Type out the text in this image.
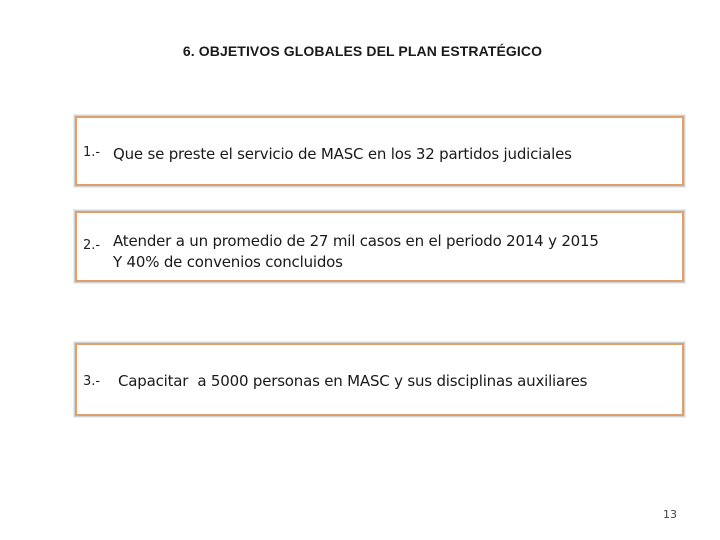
6. OBJETIVOS GLOBALES DEL PLAN ESTRATÉGICO
1.- Que se preste el servicio de MASC en los 32 partidos judiciales
2.- Atender a un promedio de 27 mil casos en el periodo 2014 y 2015
Y 40% de convenios concluidos
3.- Capacitar  a 5000 personas en MASC y sus disciplinas auxiliares
13
